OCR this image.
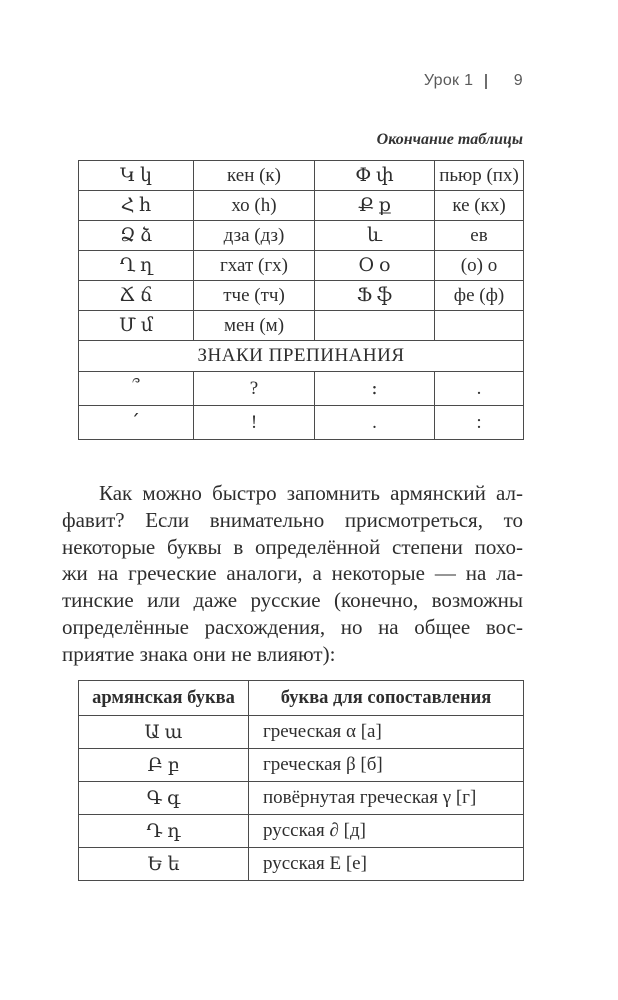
Урок 1	9
Окончание таблицы
Կ կ	кен (к)	Փ փ	пьюр (пх)
Հ հ	хо (h)	Ք ք	ке (кх)
Ձ ձ	дза (дз)	և	ев
Ղ ղ	гхат (гх)	Օ օ	(о) о
Ճ ճ	тче (тч)	Ֆ ֆ	фе (ф)
Մ մ	мен (м)		
ЗНАКИ ПРЕПИНАНИЯ			
՞	?	։	.
՛	!	.	:
Как можно быстро запомнить армянский ал-
фавит? Если внимательно присмотреться, то
некоторые буквы в определённой степени похо-
жи на греческие аналоги, а некоторые — на ла-
тинские или даже русские (конечно, возможны
определённые расхождения, но на общее вос-
приятие знака они не влияют):
армянская буква	буква для сопоставления
Ա ա	греческая α [а]
Բ բ	греческая β [б]
Գ գ	повёрнутая греческая γ [г]
Դ դ	русская ∂ [д]
Ե ե	русская Е [е]
